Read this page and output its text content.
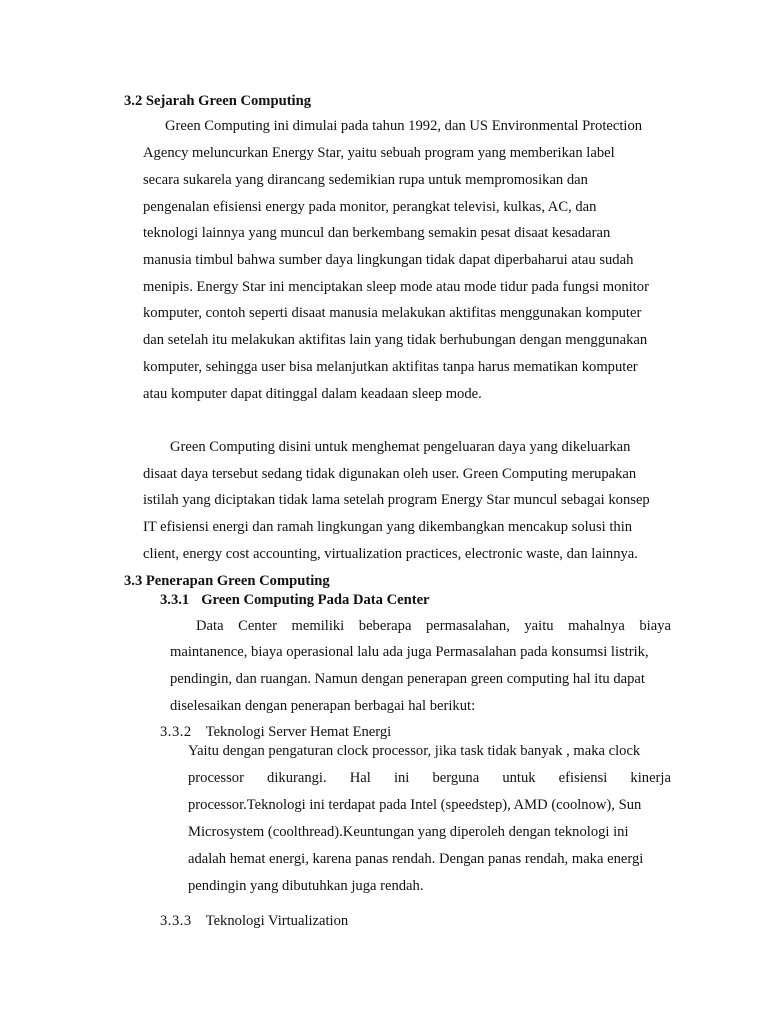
3.2 Sejarah Green Computing
Green Computing ini dimulai pada tahun 1992, dan US Environmental Protection
Agency meluncurkan Energy Star, yaitu sebuah program yang memberikan label
secara sukarela yang dirancang sedemikian rupa untuk mempromosikan dan
pengenalan efisiensi energy pada monitor, perangkat televisi, kulkas, AC, dan
teknologi lainnya yang muncul dan berkembang semakin pesat disaat kesadaran
manusia timbul bahwa sumber daya lingkungan tidak dapat diperbaharui atau sudah
menipis. Energy Star ini menciptakan sleep mode atau mode tidur pada fungsi monitor
komputer, contoh seperti disaat manusia melakukan aktifitas menggunakan komputer
dan setelah itu melakukan aktifitas lain yang tidak berhubungan dengan menggunakan
komputer, sehingga user bisa melanjutkan aktifitas tanpa harus mematikan komputer
atau komputer dapat ditinggal dalam keadaan sleep mode.
Green Computing disini untuk menghemat pengeluaran daya yang dikeluarkan
disaat daya tersebut sedang tidak digunakan oleh user. Green Computing merupakan
istilah yang diciptakan tidak lama setelah program Energy Star muncul sebagai konsep
IT efisiensi energi dan ramah lingkungan yang dikembangkan mencakup solusi thin
client, energy cost accounting, virtualization practices, electronic waste, dan lainnya.
3.3 Penerapan Green Computing
3.3.1 Green Computing Pada Data Center
Data Center memiliki beberapa permasalahan, yaitu mahalnya biaya
maintanence, biaya operasional lalu ada juga Permasalahan pada konsumsi listrik,
pendingin, dan ruangan. Namun dengan penerapan green computing hal itu dapat
diselesaikan dengan penerapan berbagai hal berikut:
3.3.2 Teknologi Server Hemat Energi
Yaitu dengan pengaturan clock processor, jika task tidak banyak , maka clock
processor dikurangi. Hal ini berguna untuk efisiensi kinerja
processor.Teknologi ini terdapat pada Intel (speedstep), AMD (coolnow), Sun
Microsystem (coolthread).Keuntungan yang diperoleh dengan teknologi ini
adalah hemat energi, karena panas rendah. Dengan panas rendah, maka energi
pendingin yang dibutuhkan juga rendah.
3.3.3 Teknologi Virtualization
